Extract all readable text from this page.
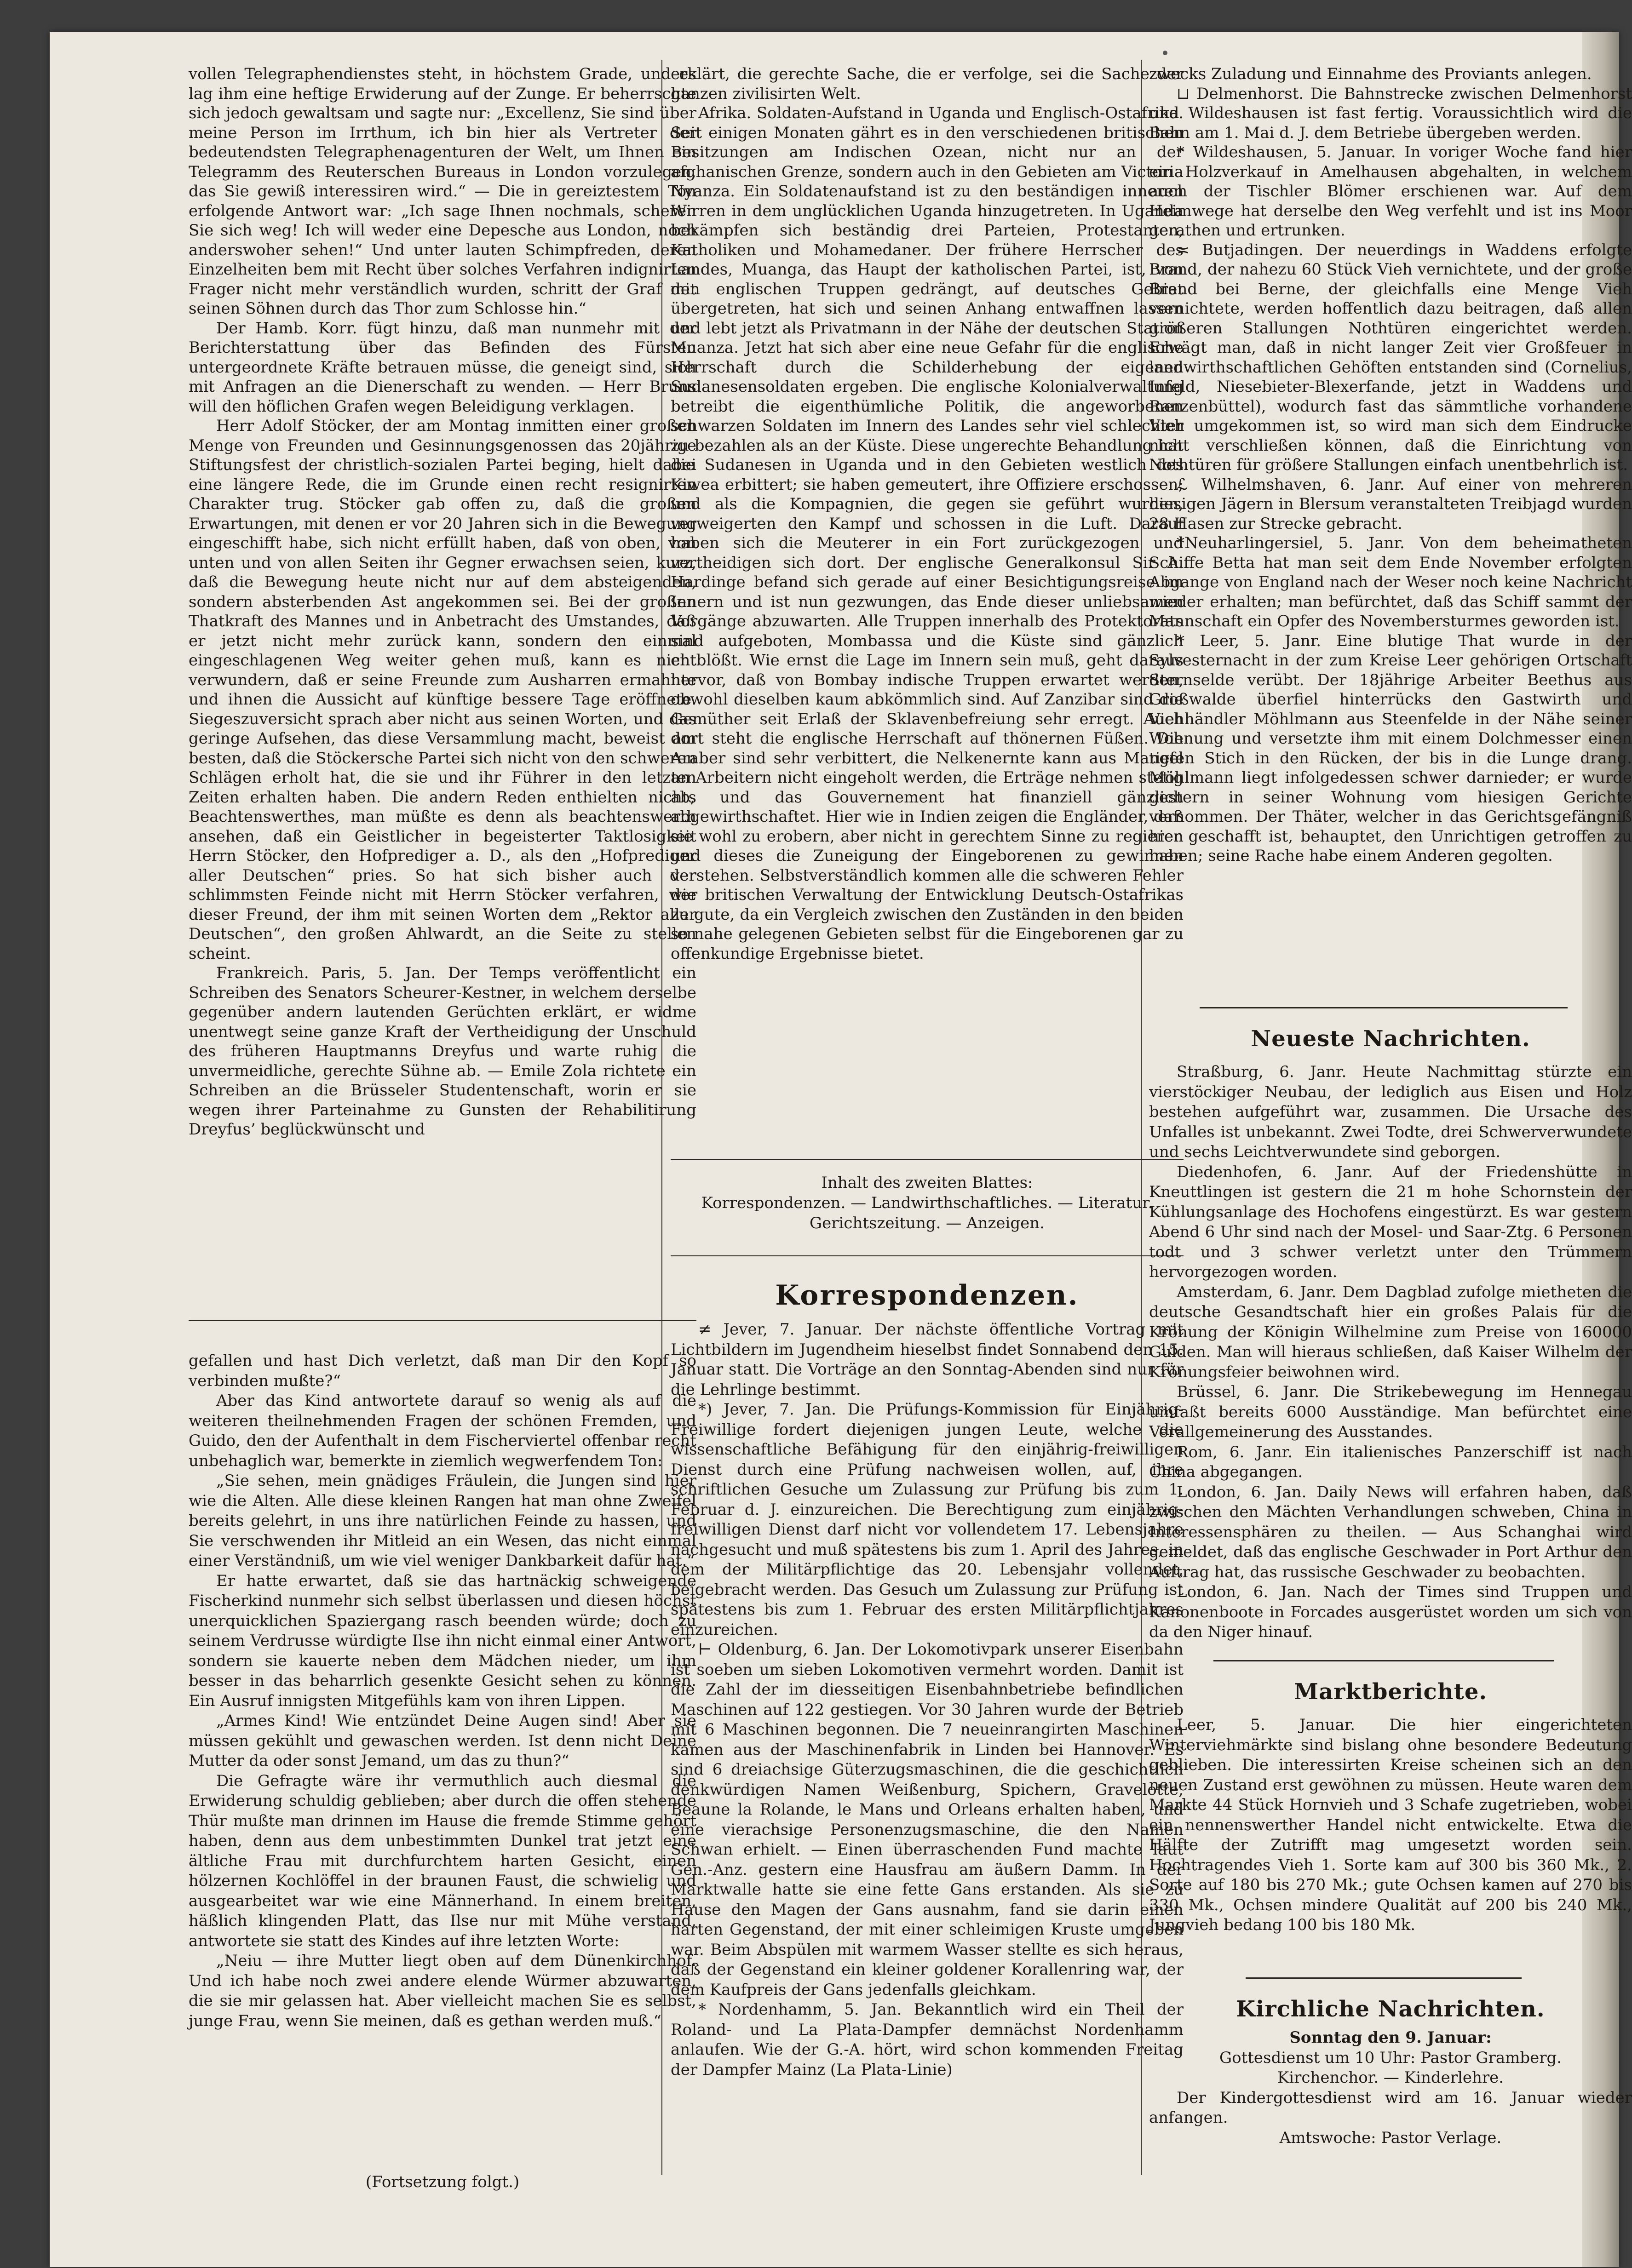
vollen Telegraphendienstes steht, in höchstem Grade, und es lag ihm eine heftige Erwiderung auf der Zunge. Er beherrschte sich jedoch gewaltsam und sagte nur: „Excellenz, Sie sind über meine Person im Irrthum, ich bin hier als Vertreter der bedeutendsten Telegraphenagenturen der Welt, um Ihnen ein Telegramm des Reuterschen Bureaus in London vorzulegen, das Sie gewiß interessiren wird.“ — Die in gereiztestem Ton erfolgende Antwort war: „Ich sage Ihnen nochmals, scheren Sie sich weg! Ich will weder eine Depesche aus London, noch anderswoher sehen!“ Und unter lauten Schimpfreden, deren Einzelheiten bem mit Recht über solches Verfahren indignirten Frager nicht mehr verständlich wurden, schritt der Graf mit seinen Söhnen durch das Thor zum Schlosse hin.“

Der Hamb. Korr. fügt hinzu, daß man nunmehr mit der Berichterstattung über das Befinden des Fürsten untergeordnete Kräfte betrauen müsse, die geneigt sind, sich mit Anfragen an die Dienerschaft zu wenden. — Herr Bruns will den höflichen Grafen wegen Beleidigung verklagen.

Herr Adolf Stöcker, der am Montag inmitten einer großen Menge von Freunden und Gesinnungsgenossen das 20jährige Stiftungsfest der christlich-sozialen Partei beging, hielt dabei eine längere Rede, die im Grunde einen recht resignirten Charakter trug. Stöcker gab offen zu, daß die großen Erwartungen, mit denen er vor 20 Jahren sich in die Bewegung eingeschifft habe, sich nicht erfüllt haben, daß von oben, von unten und von allen Seiten ihr Gegner erwachsen seien, kurz, daß die Bewegung heute nicht nur auf dem absteigenden, sondern absterbenden Ast angekommen sei. Bei der großen Thatkraft des Mannes und in Anbetracht des Umstandes, daß er jetzt nicht mehr zurück kann, sondern den einmal eingeschlagenen Weg weiter gehen muß, kann es nicht verwundern, daß er seine Freunde zum Ausharren ermahnte und ihnen die Aussicht auf künftige bessere Tage eröffnete. Siegeszuversicht sprach aber nicht aus seinen Worten, und das geringe Aufsehen, das diese Versammlung macht, beweist am besten, daß die Stöckersche Partei sich nicht von den schweren Schlägen erholt hat, die sie und ihr Führer in den letzten Zeiten erhalten haben. Die andern Reden enthielten nichts Beachtenswerthes, man müßte es denn als beachtenswerth ansehen, daß ein Geistlicher in begeisterter Taktlosigkeit Herrn Stöcker, den Hofprediger a. D., als den „Hofprediger aller Deutschen“ pries. So hat sich bisher auch der schlimmsten Feinde nicht mit Herrn Stöcker verfahren, wie dieser Freund, der ihm mit seinen Worten dem „Rektor aller Deutschen“, den großen Ahlwardt, an die Seite zu stellen scheint.

Frankreich. Paris, 5. Jan. Der Temps veröffentlicht ein Schreiben des Senators Scheurer-Kestner, in welchem derselbe gegenüber andern lautenden Gerüchten erklärt, er widme unentwegt seine ganze Kraft der Vertheidigung der Unschuld des früheren Hauptmanns Dreyfus und warte ruhig die unvermeidliche, gerechte Sühne ab. — Emile Zola richtete ein Schreiben an die Brüsseler Studentenschaft, worin er sie wegen ihrer Parteinahme zu Gunsten der Rehabilitirung Dreyfus’ beglückwünscht und

gefallen und hast Dich verletzt, daß man Dir den Kopf so verbinden mußte?“

Aber das Kind antwortete darauf so wenig als auf die weiteren theilnehmenden Fragen der schönen Fremden, und Guido, den der Aufenthalt in dem Fischerviertel offenbar recht unbehaglich war, bemerkte in ziemlich wegwerfendem Ton:

„Sie sehen, mein gnädiges Fräulein, die Jungen sind hier wie die Alten. Alle diese kleinen Rangen hat man ohne Zweifel bereits gelehrt, in uns ihre natürlichen Feinde zu hassen, und Sie verschwenden ihr Mitleid an ein Wesen, das nicht einmal einer Verständniß, um wie viel weniger Dankbarkeit dafür hat.“

Er hatte erwartet, daß sie das hartnäckig schweigende Fischerkind nunmehr sich selbst überlassen und diesen höchst unerquicklichen Spaziergang rasch beenden würde; doch zu seinem Verdrusse würdigte Ilse ihn nicht einmal einer Antwort, sondern sie kauerte neben dem Mädchen nieder, um ihm besser in das beharrlich gesenkte Gesicht sehen zu können. Ein Ausruf innigsten Mitgefühls kam von ihren Lippen.

„Armes Kind! Wie entzündet Deine Augen sind! Aber sie müssen gekühlt und gewaschen werden. Ist denn nicht Deine Mutter da oder sonst Jemand, um das zu thun?“

Die Gefragte wäre ihr vermuthlich auch diesmal die Erwiderung schuldig geblieben; aber durch die offen stehende Thür mußte man drinnen im Hause die fremde Stimme gehört haben, denn aus dem unbestimmten Dunkel trat jetzt eine ältliche Frau mit durchfurchtem harten Gesicht, einen hölzernen Kochlöffel in der braunen Faust, die schwielig und ausgearbeitet war wie eine Männerhand. In einem breiten, häßlich klingenden Platt, das Ilse nur mit Mühe verstand, antwortete sie statt des Kindes auf ihre letzten Worte:

„Neiu — ihre Mutter liegt oben auf dem Dünenkirchhof. Und ich habe noch zwei andere elende Würmer abzuwarten, die sie mir gelassen hat. Aber vielleicht machen Sie es selbst, junge Frau, wenn Sie meinen, daß es gethan werden muß.“

(Fortsetzung folgt.)

erklärt, die gerechte Sache, die er verfolge, sei die Sache der ganzen zivilisirten Welt.

Afrika. Soldaten-Aufstand in Uganda und Englisch-Ostafrika. Seit einigen Monaten gährt es in den verschiedenen britischen Besitzungen am Indischen Ozean, nicht nur an der afghanischen Grenze, sondern auch in den Gebieten am Victoria Nyanza. Ein Soldatenaufstand ist zu den beständigen inneren Wirren in dem unglücklichen Uganda hinzugetreten. In Uganda bekämpfen sich beständig drei Parteien, Protestanten, Katholiken und Mohamedaner. Der frühere Herrscher des Landes, Muanga, das Haupt der katholischen Partei, ist, von den englischen Truppen gedrängt, auf deutsches Gebiet übergetreten, hat sich und seinen Anhang entwaffnen lassen und lebt jetzt als Privatmann in der Nähe der deutschen Station Muanza. Jetzt hat sich aber eine neue Gefahr für die englische Herrschaft durch die Schilderhebung der eigenen Sudanesensoldaten ergeben. Die englische Kolonialverwaltung betreibt die eigenthümliche Politik, die angeworbenen schwarzen Soldaten im Innern des Landes sehr viel schlechter zu bezahlen als an der Küste. Diese ungerechte Behandlung hat die Sudanesen in Uganda und in den Gebieten westlich des Kiwea erbittert; sie haben gemeutert, ihre Offiziere erschossen; und als die Kompagnien, die gegen sie geführt wurden, verweigerten den Kampf und schossen in die Luft. Darauf haben sich die Meuterer in ein Fort zurückgezogen und vertheidigen sich dort. Der englische Generalkonsul Sir A. Hardinge befand sich gerade auf einer Besichtigungsreise im Innern und ist nun gezwungen, das Ende dieser unliebsamen Vorgänge abzuwarten. Alle Truppen innerhalb des Protektorats sind aufgeboten, Mombassa und die Küste sind gänzlich entblößt. Wie ernst die Lage im Innern sein muß, geht daraus hervor, daß von Bombay indische Truppen erwartet werden, obwohl dieselben kaum abkömmlich sind. Auf Zanzibar sind die Gemüther seit Erlaß der Sklavenbefreiung sehr erregt. Auch dort steht die englische Herrschaft auf thönernen Füßen. Die Araber sind sehr verbittert, die Nelkenernte kann aus Mangel an Arbeitern nicht eingeholt werden, die Erträge nehmen stetig ab, und das Gouvernement hat finanziell gänzlich abgewirthschaftet. Hier wie in Indien zeigen die Engländer, daß sie wohl zu erobern, aber nicht in gerechtem Sinne zu regieren und dieses die Zuneigung der Eingeborenen zu gewinnen verstehen. Selbstverständlich kommen alle die schweren Fehler der britischen Verwaltung der Entwicklung Deutsch-Ostafrikas zu gute, da ein Vergleich zwischen den Zuständen in den beiden so nahe gelegenen Gebieten selbst für die Eingeborenen gar zu offenkundige Ergebnisse bietet.

Inhalt des zweiten Blattes:
Korrespondenzen. — Landwirthschaftliches. — Literatur. Gerichtszeitung. — Anzeigen.
Korrespondenzen.

≠ Jever, 7. Januar. Der nächste öffentliche Vortrag mit Lichtbildern im Jugendheim hieselbst findet Sonnabend den 15. Januar statt. Die Vorträge an den Sonntag-Abenden sind nur für die Lehrlinge bestimmt.

*) Jever, 7. Jan. Die Prüfungs-Kommission für Einjährig-Freiwillige fordert diejenigen jungen Leute, welche die wissenschaftliche Befähigung für den einjährig-freiwilligen Dienst durch eine Prüfung nachweisen wollen, auf, ihre schriftlichen Gesuche um Zulassung zur Prüfung bis zum 1. Februar d. J. einzureichen. Die Berechtigung zum einjährig-freiwilligen Dienst darf nicht vor vollendetem 17. Lebensjahre nachgesucht und muß spätestens bis zum 1. April des Jahres, in dem der Militärpflichtige das 20. Lebensjahr vollendet, beigebracht werden. Das Gesuch um Zulassung zur Prüfung ist spätestens bis zum 1. Februar des ersten Militärpflichtjahres einzureichen.

⊢ Oldenburg, 6. Jan. Der Lokomotivpark unserer Eisenbahn ist soeben um sieben Lokomotiven vermehrt worden. Damit ist die Zahl der im diesseitigen Eisenbahnbetriebe befindlichen Maschinen auf 122 gestiegen. Vor 30 Jahren wurde der Betrieb mit 6 Maschinen begonnen. Die 7 neueinrangirten Maschinen kamen aus der Maschinenfabrik in Linden bei Hannover. Es sind 6 dreiachsige Güterzugsmaschinen, die die geschichtlich denkwürdigen Namen Weißenburg, Spichern, Gravelotte, Beaune la Rolande, le Mans und Orleans erhalten haben, und eine vierachsige Personenzugsmaschine, die den Namen Schwan erhielt. — Einen überraschenden Fund machte laut Gen.-Anz. gestern eine Hausfrau am äußern Damm. In der Marktwalle hatte sie eine fette Gans erstanden. Als sie zu Hause den Magen der Gans ausnahm, fand sie darin einen harten Gegenstand, der mit einer schleimigen Kruste umgeben war. Beim Abspülen mit warmem Wasser stellte es sich heraus, daß der Gegenstand ein kleiner goldener Korallenring war, der dem Kaufpreis der Gans jedenfalls gleichkam.

* Nordenhamm, 5. Jan. Bekanntlich wird ein Theil der Roland- und La Plata-Dampfer demnächst Nordenhamm anlaufen. Wie der G.-A. hört, wird schon kommenden Freitag der Dampfer Mainz (La Plata-Linie)

zwecks Zuladung und Einnahme des Proviants anlegen.

⊔ Delmenhorst. Die Bahnstrecke zwischen Delmenhorst und Wildeshausen ist fast fertig. Voraussichtlich wird die Bahn am 1. Mai d. J. dem Betriebe übergeben werden.

* Wildeshausen, 5. Januar. In voriger Woche fand hier ein Holzverkauf in Amelhausen abgehalten, in welchem auch der Tischler Blömer erschienen war. Auf dem Heimwege hat derselbe den Weg verfehlt und ist ins Moor gerathen und ertrunken.

≍ Butjadingen. Der neuerdings in Waddens erfolgte Brand, der nahezu 60 Stück Vieh vernichtete, und der große Brand bei Berne, der gleichfalls eine Menge Vieh vernichtete, werden hoffentlich dazu beitragen, daß allen größeren Stallungen Nothtüren eingerichtet werden. Erwägt man, daß in nicht langer Zeit vier Großfeuer in landwirthschaftlichen Gehöften entstanden sind (Cornelius, Infeld, Niesebieter-Blexerfande, jetzt in Waddens und Ranzenbüttel), wodurch fast das sämmtliche vorhandene Vieh umgekommen ist, so wird man sich dem Eindrucke nicht verschließen können, daß die Einrichtung von Nothtüren für größere Stallungen einfach unentbehrlich ist.

ℒ Wilhelmshaven, 6. Janr. Auf einer von mehreren hiesigen Jägern in Blersum veranstalteten Treibjagd wurden 28 Hasen zur Strecke gebracht.

*Neuharlingersiel, 5. Janr. Von dem beheimatheten Schiffe Betta hat man seit dem Ende November erfolgten Abgange von England nach der Weser noch keine Nachricht wieder erhalten; man befürchtet, daß das Schiff sammt der Mannschaft ein Opfer des Novembersturmes geworden ist.

* Leer, 5. Janr. Eine blutige That wurde in der Sylvesternacht in der zum Kreise Leer gehörigen Ortschaft Sternselde verübt. Der 18jährige Arbeiter Beethus aus Großwalde überfiel hinterrücks den Gastwirth und Viehhändler Möhlmann aus Steenfelde in der Nähe seiner Wohnung und versetzte ihm mit einem Dolchmesser einen tiefen Stich in den Rücken, der bis in die Lunge drang. Möhlmann liegt infolgedessen schwer darnieder; er wurde gestern in seiner Wohnung vom hiesigen Gerichte vernommen. Der Thäter, welcher in das Gerichtsgefängniß hier geschafft ist, behauptet, den Unrichtigen getroffen zu haben; seine Rache habe einem Anderen gegolten.

Neueste Nachrichten.

Straßburg, 6. Janr. Heute Nachmittag stürzte ein vierstöckiger Neubau, der lediglich aus Eisen und Holz bestehen aufgeführt war, zusammen. Die Ursache des Unfalles ist unbekannt. Zwei Todte, drei Schwerverwundete und sechs Leichtverwundete sind geborgen.

Diedenhofen, 6. Janr. Auf der Friedenshütte in Kneuttlingen ist gestern die 21 m hohe Schornstein der Kühlungsanlage des Hochofens eingestürzt. Es war gestern Abend 6 Uhr sind nach der Mosel- und Saar-Ztg. 6 Personen todt und 3 schwer verletzt unter den Trümmern hervorgezogen worden.

Amsterdam, 6. Janr. Dem Dagblad zufolge mietheten die deutsche Gesandtschaft hier ein großes Palais für die Krönung der Königin Wilhelmine zum Preise von 160000 Gulden. Man will hieraus schließen, daß Kaiser Wilhelm der Krönungsfeier beiwohnen wird.

Brüssel, 6. Janr. Die Strikebewegung im Hennegau umfaßt bereits 6000 Ausständige. Man befürchtet eine Verallgemeinerung des Ausstandes.

Rom, 6. Janr. Ein italienisches Panzerschiff ist nach China abgegangen.

London, 6. Jan. Daily News will erfahren haben, daß zwischen den Mächten Verhandlungen schweben, China in Interessensphären zu theilen. — Aus Schanghai wird gemeldet, daß das englische Geschwader in Port Arthur den Auftrag hat, das russische Geschwader zu beobachten.

London, 6. Jan. Nach der Times sind Truppen und Kanonenboote in Forcades ausgerüstet worden um sich von da den Niger hinauf.

Marktberichte.

Leer, 5. Januar. Die hier eingerichteten Winterviehmärkte sind bislang ohne besondere Bedeutung geblieben. Die interessirten Kreise scheinen sich an den neuen Zustand erst gewöhnen zu müssen. Heute waren dem Markte 44 Stück Hornvieh und 3 Schafe zugetrieben, wobei ein nennenswerther Handel nicht entwickelte. Etwa die Hälfte der Zutrifft mag umgesetzt worden sein. Hochtragendes Vieh 1. Sorte kam auf 300 bis 360 Mk., 2. Sorte auf 180 bis 270 Mk.; gute Ochsen kamen auf 270 bis 330 Mk., Ochsen mindere Qualität auf 200 bis 240 Mk., Jungvieh bedang 100 bis 180 Mk.

Kirchliche Nachrichten.
Sonntag den 9. Januar:
Gottesdienst um 10 Uhr: Pastor Gramberg.
Kirchenchor. — Kinderlehre.
Der Kindergottesdienst wird am 16. Januar wieder anfangen.
Amtswoche: Pastor Verlage.
